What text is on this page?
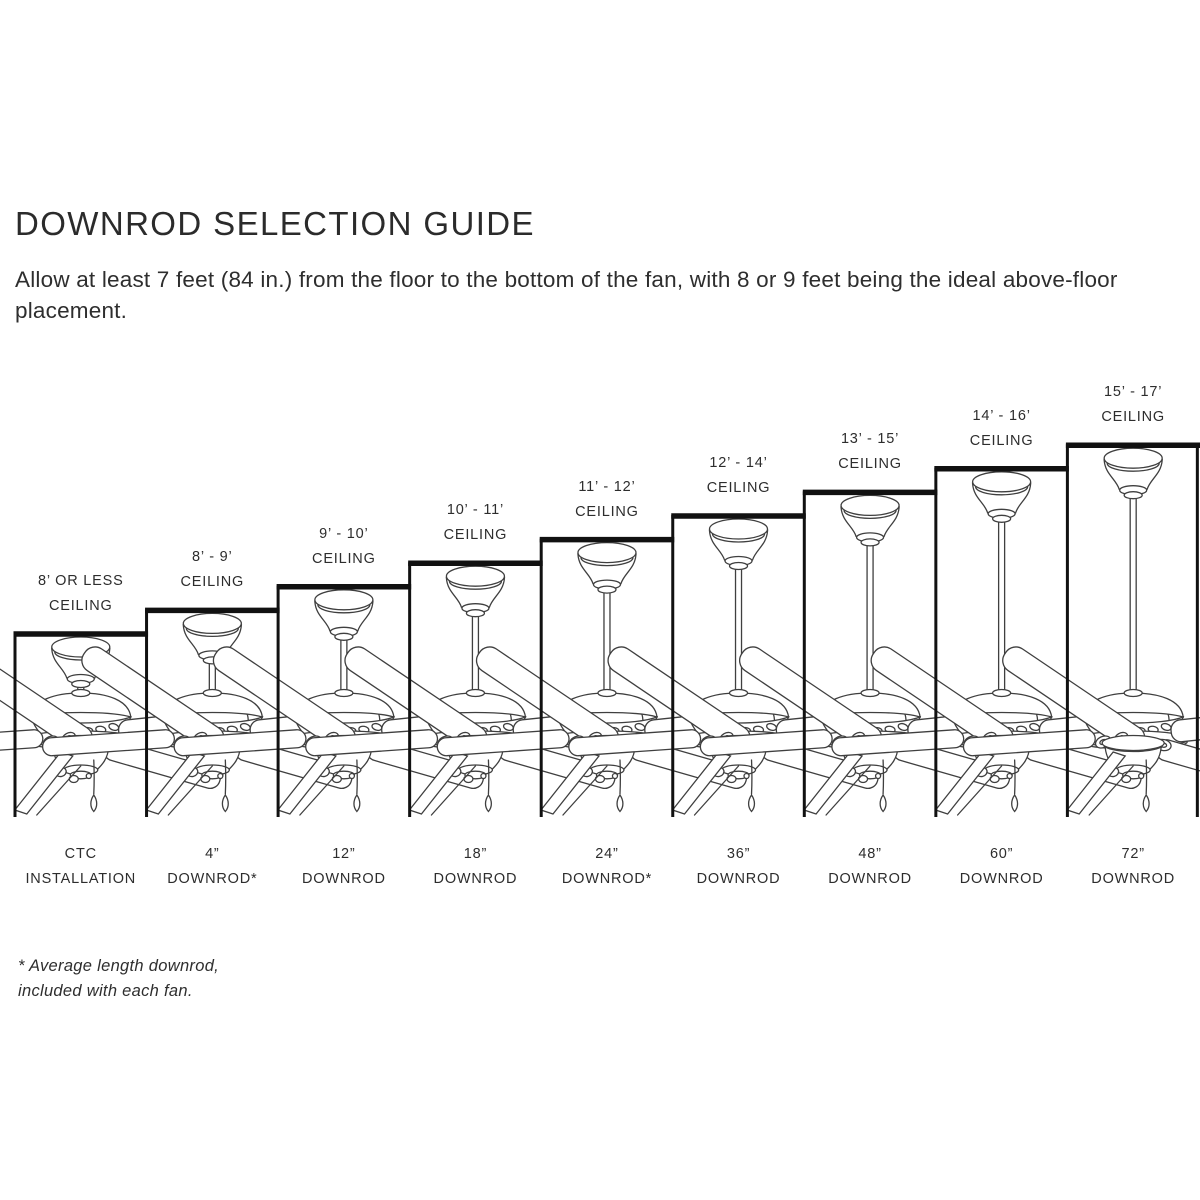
DOWNROD SELECTION GUIDE
Allow at least 7 feet (84 in.) from the floor to the bottom of the fan, with 8 or 9 feet being the ideal above-floor placement.
8’ OR LESS
CEILING
CTC
INSTALLATION
8’ - 9’
CEILING
4”
DOWNROD*
9’ - 10’
CEILING
12”
DOWNROD
10’ - 11’
CEILING
18”
DOWNROD
11’ - 12’
CEILING
24”
DOWNROD*
12’ - 14’
CEILING
36”
DOWNROD
13’ - 15’
CEILING
48”
DOWNROD
14’ - 16’
CEILING
60”
DOWNROD
15’ - 17’
CEILING
72”
DOWNROD
* Average length downrod,
included with each fan.
